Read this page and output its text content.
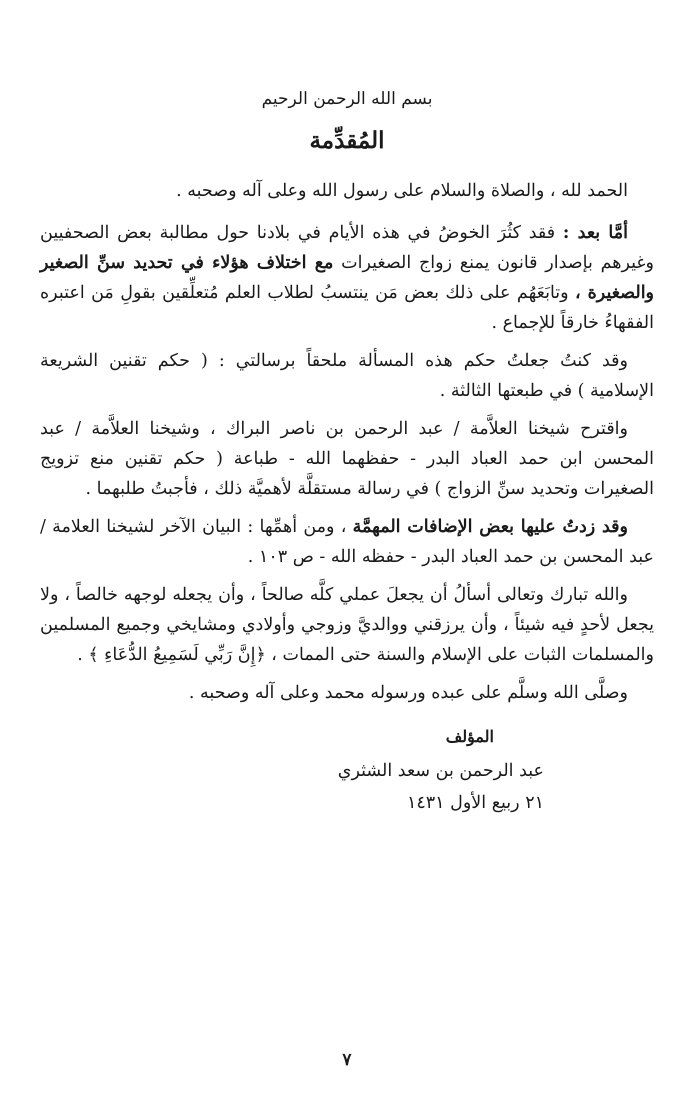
بسم الله الرحمن الرحيم
المُقدِّمة

الحمد لله ، والصلاة والسلام على رسول الله وعلى آله وصحبه .

أمَّا بعد : فقد كثُرَ الخوضُ في هذه الأيام في بلادنا حول مطالبة بعض الصحفيين وغيرهم بإصدار قانون يمنع زواج الصغيرات مع اختلاف هؤلاء في تحديد سنِّ الصغير والصغيرة ، وتابَعَهُم على ذلك بعض مَن ينتسبُ لطلاب العلم مُتعلِّقين بقولِ مَن اعتبره الفقهاءُ خارقاً للإجماع .

وقد كنتُ جعلتُ حكم هذه المسألة ملحقاً برسالتي : ( حكم تقنين الشريعة الإسلامية ) في طبعتها الثالثة .

واقترح شيخنا العلاَّمة / عبد الرحمن بن ناصر البراك ، وشيخنا العلاَّمة / عبد المحسن ابن حمد العباد البدر - حفظهما الله - طباعة ( حكم تقنين منع تزويج الصغيرات وتحديد سنِّ الزواج ) في رسالة مستقلَّة لأهميَّة ذلك ، فأجبتُ طلبهما .

وقد زدتُ عليها بعض الإضافات المهمَّة ، ومن أهمِّها : البيان الآخر لشيخنا العلامة / عبد المحسن بن حمد العباد البدر - حفظه الله - ص ١٠٣ .

والله تبارك وتعالى أسألُ أن يجعلَ عملي كلَّه صالحاً ، وأن يجعله لوجهه خالصاً ، ولا يجعل لأحدٍ فيه شيئاً ، وأن يرزقني ووالديَّ وزوجي وأولادي ومشايخي وجميع المسلمين والمسلمات الثبات على الإسلام والسنة حتى الممات ، ﴿إِنَّ رَبِّي لَسَمِيعُ الدُّعَاءِ ﴾ .

وصلَّى الله وسلَّم على عبده ورسوله محمد وعلى آله وصحبه .

المؤلف
عبد الرحمن بن سعد الشثري
٢١ ربيع الأول ١٤٣١
٧
